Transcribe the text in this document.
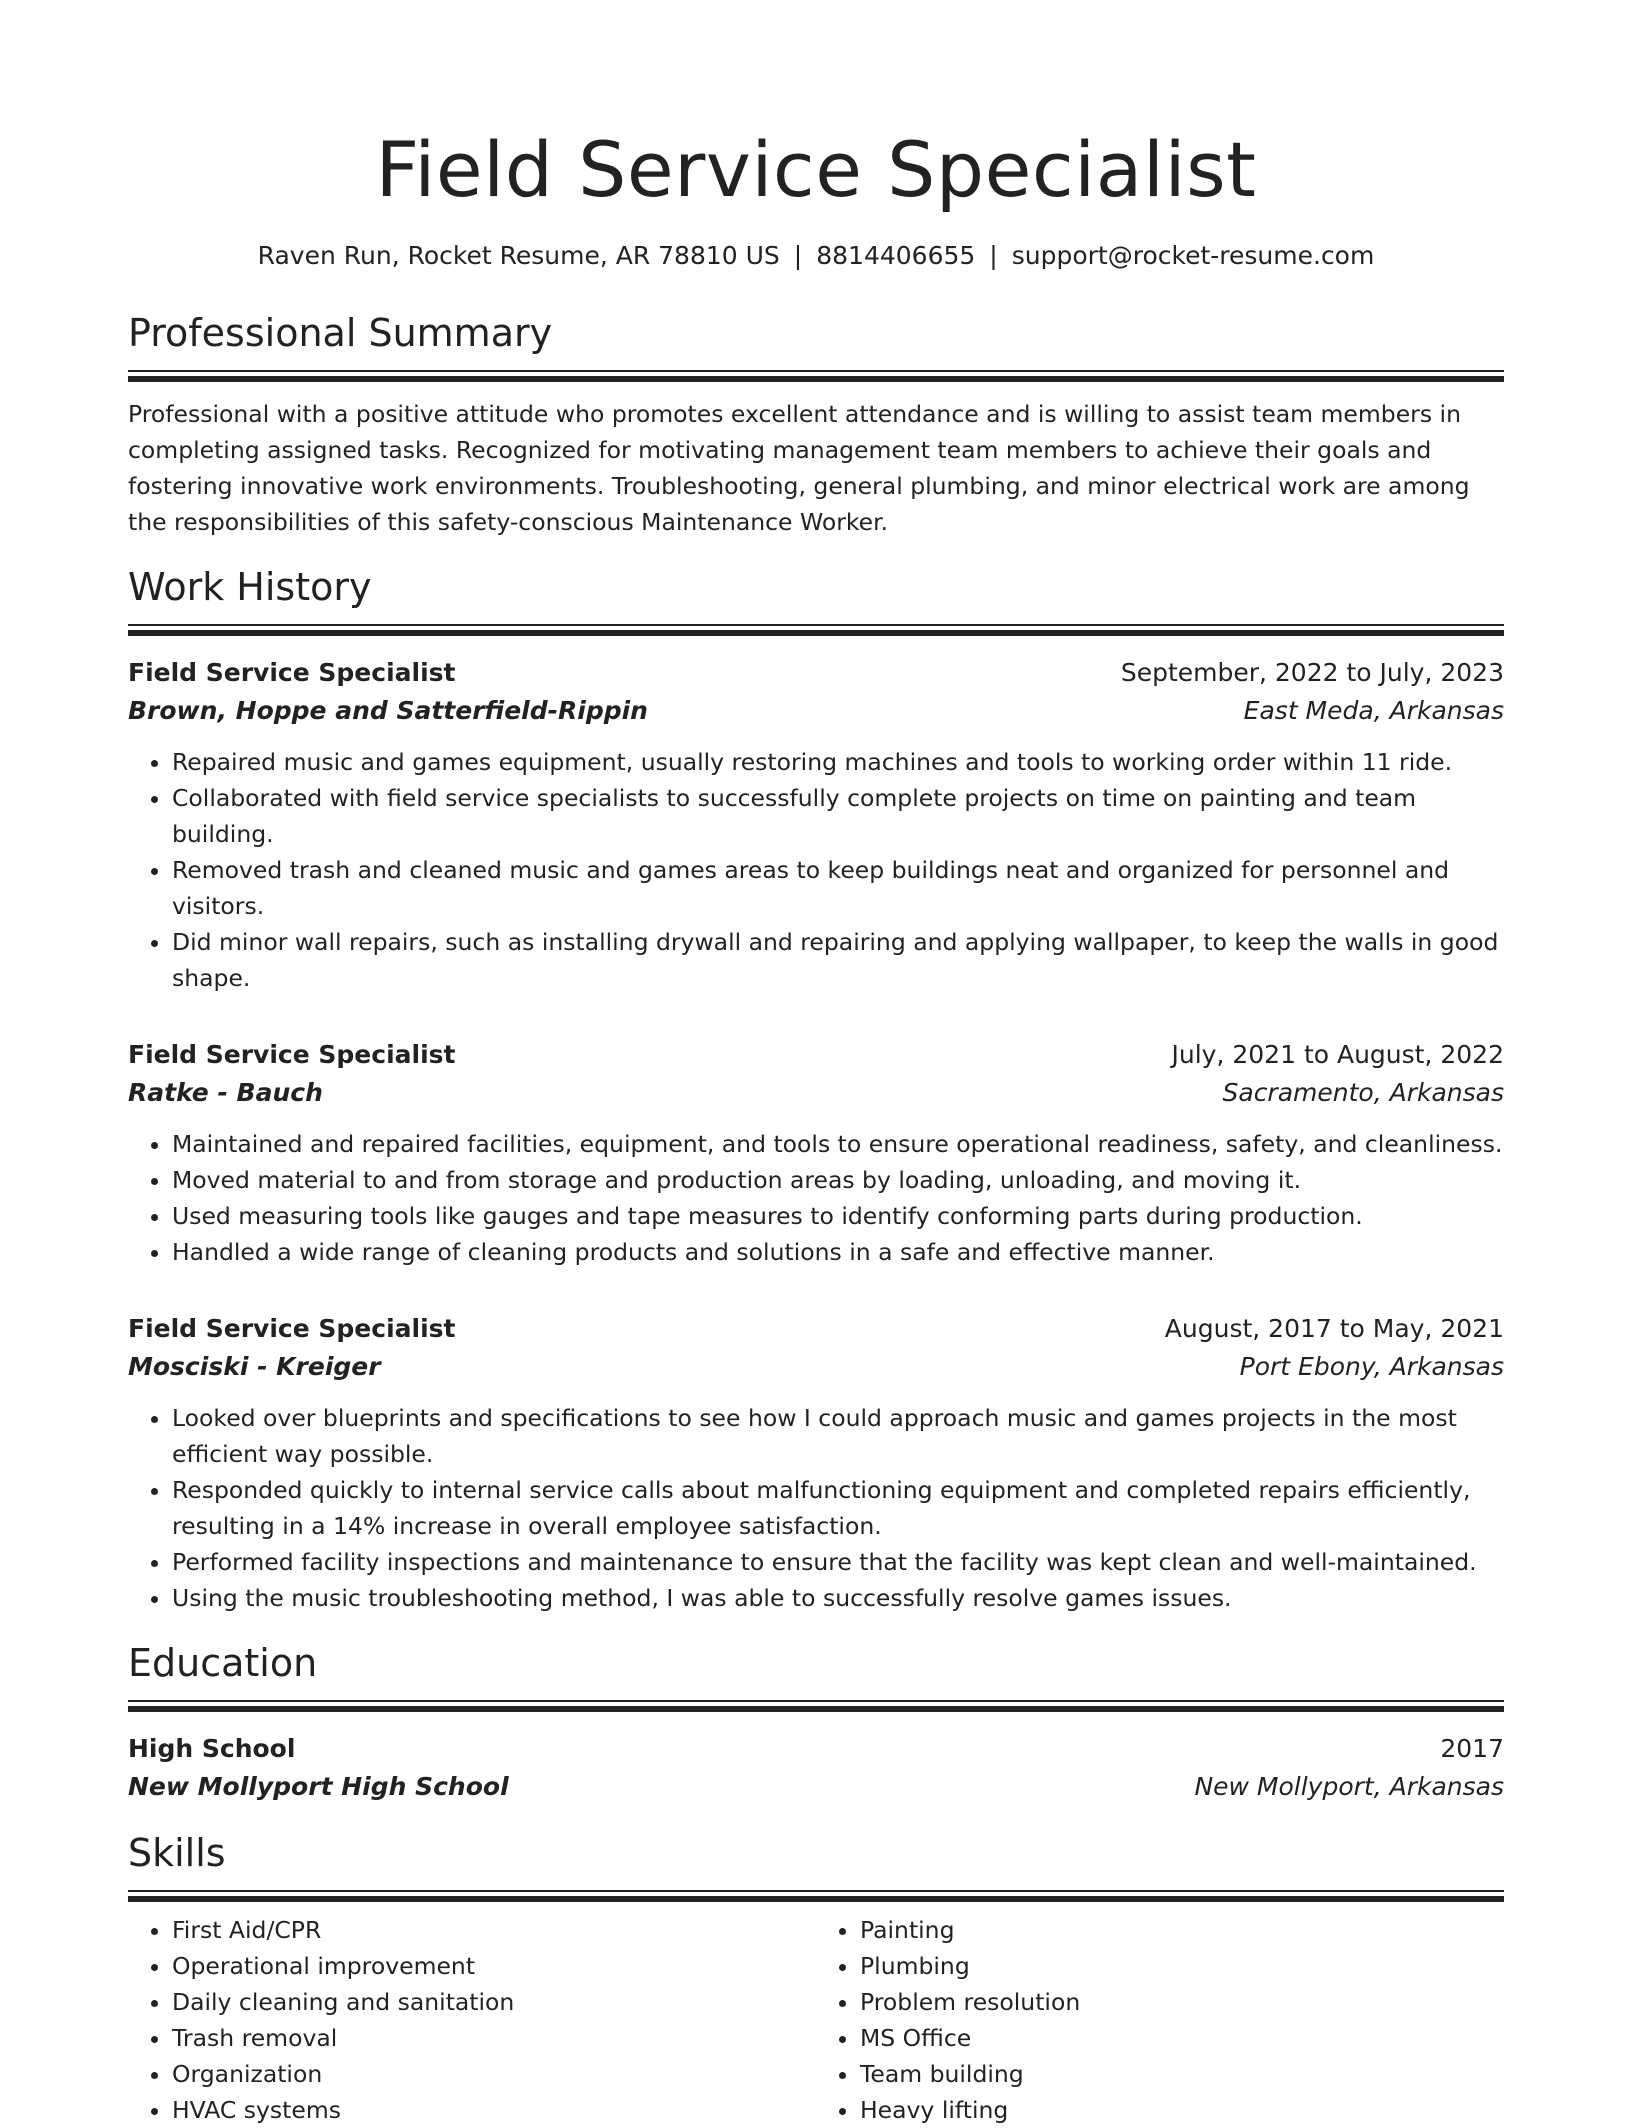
Field Service Specialist
Raven Run, Rocket Resume, AR 78810 US | 8814406655 | support@rocket-resume.com
Professional Summary
Professional with a positive attitude who promotes excellent attendance and is willing to assist team members in completing assigned tasks. Recognized for motivating management team members to achieve their goals and fostering innovative work environments. Troubleshooting, general plumbing, and minor electrical work are among the responsibilities of this safety-conscious Maintenance Worker.
Work History
Field Service Specialist	September, 2022 to July, 2023
Brown, Hoppe and Satterfield-Rippin	East Meda, Arkansas
• Repaired music and games equipment, usually restoring machines and tools to working order within 11 ride.
• Collaborated with field service specialists to successfully complete projects on time on painting and team building.
• Removed trash and cleaned music and games areas to keep buildings neat and organized for personnel and visitors.
• Did minor wall repairs, such as installing drywall and repairing and applying wallpaper, to keep the walls in good shape.
Field Service Specialist	July, 2021 to August, 2022
Ratke - Bauch	Sacramento, Arkansas
• Maintained and repaired facilities, equipment, and tools to ensure operational readiness, safety, and cleanliness.
• Moved material to and from storage and production areas by loading, unloading, and moving it.
• Used measuring tools like gauges and tape measures to identify conforming parts during production.
• Handled a wide range of cleaning products and solutions in a safe and effective manner.
Field Service Specialist	August, 2017 to May, 2021
Mosciski - Kreiger	Port Ebony, Arkansas
• Looked over blueprints and specifications to see how I could approach music and games projects in the most efficient way possible.
• Responded quickly to internal service calls about malfunctioning equipment and completed repairs efficiently, resulting in a 14% increase in overall employee satisfaction.
• Performed facility inspections and maintenance to ensure that the facility was kept clean and well-maintained.
• Using the music troubleshooting method, I was able to successfully resolve games issues.
Education
High School	2017
New Mollyport High School	New Mollyport, Arkansas
Skills
• First Aid/CPR
• Operational improvement
• Daily cleaning and sanitation
• Trash removal
• Organization
• HVAC systems
• Painting
• Plumbing
• Problem resolution
• MS Office
• Team building
• Heavy lifting
